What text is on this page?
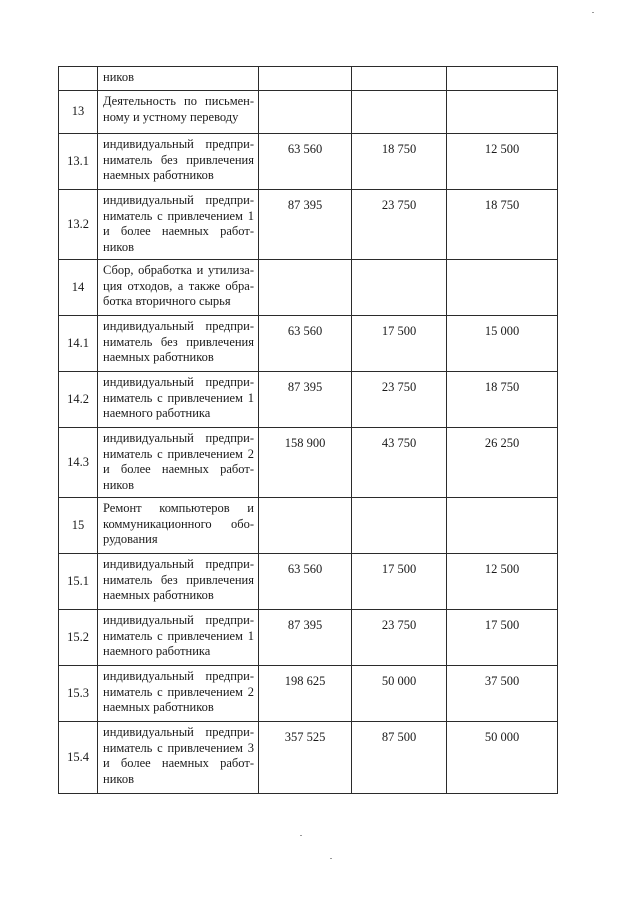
	ников			
13	Деятельность по письмен-ному и устному переводу			
13.1	индивидуальный предпри-ниматель без привлечения наемных работников	63 560	18 750	12 500
13.2	индивидуальный предпри-ниматель с привлечением 1 и более наемных работ-ников	87 395	23 750	18 750
14	Сбор, обработка и утилиза-ция отходов, а также обра-ботка вторичного сырья			
14.1	индивидуальный предпри-ниматель без привлечения наемных работников	63 560	17 500	15 000
14.2	индивидуальный предпри-ниматель с привлечением 1 наемного работника	87 395	23 750	18 750
14.3	индивидуальный предпри-ниматель с привлечением 2 и более наемных работ-ников	158 900	43 750	26 250
15	Ремонт компьютеров и коммуникационного обо-рудования			
15.1	индивидуальный предпри-ниматель без привлечения наемных работников	63 560	17 500	12 500
15.2	индивидуальный предпри-ниматель с привлечением 1 наемного работника	87 395	23 750	17 500
15.3	индивидуальный предпри-ниматель с привлечением 2 наемных работников	198 625	50 000	37 500
15.4	индивидуальный предпри-ниматель с привлечением 3 и более наемных работ-ников	357 525	87 500	50 000
